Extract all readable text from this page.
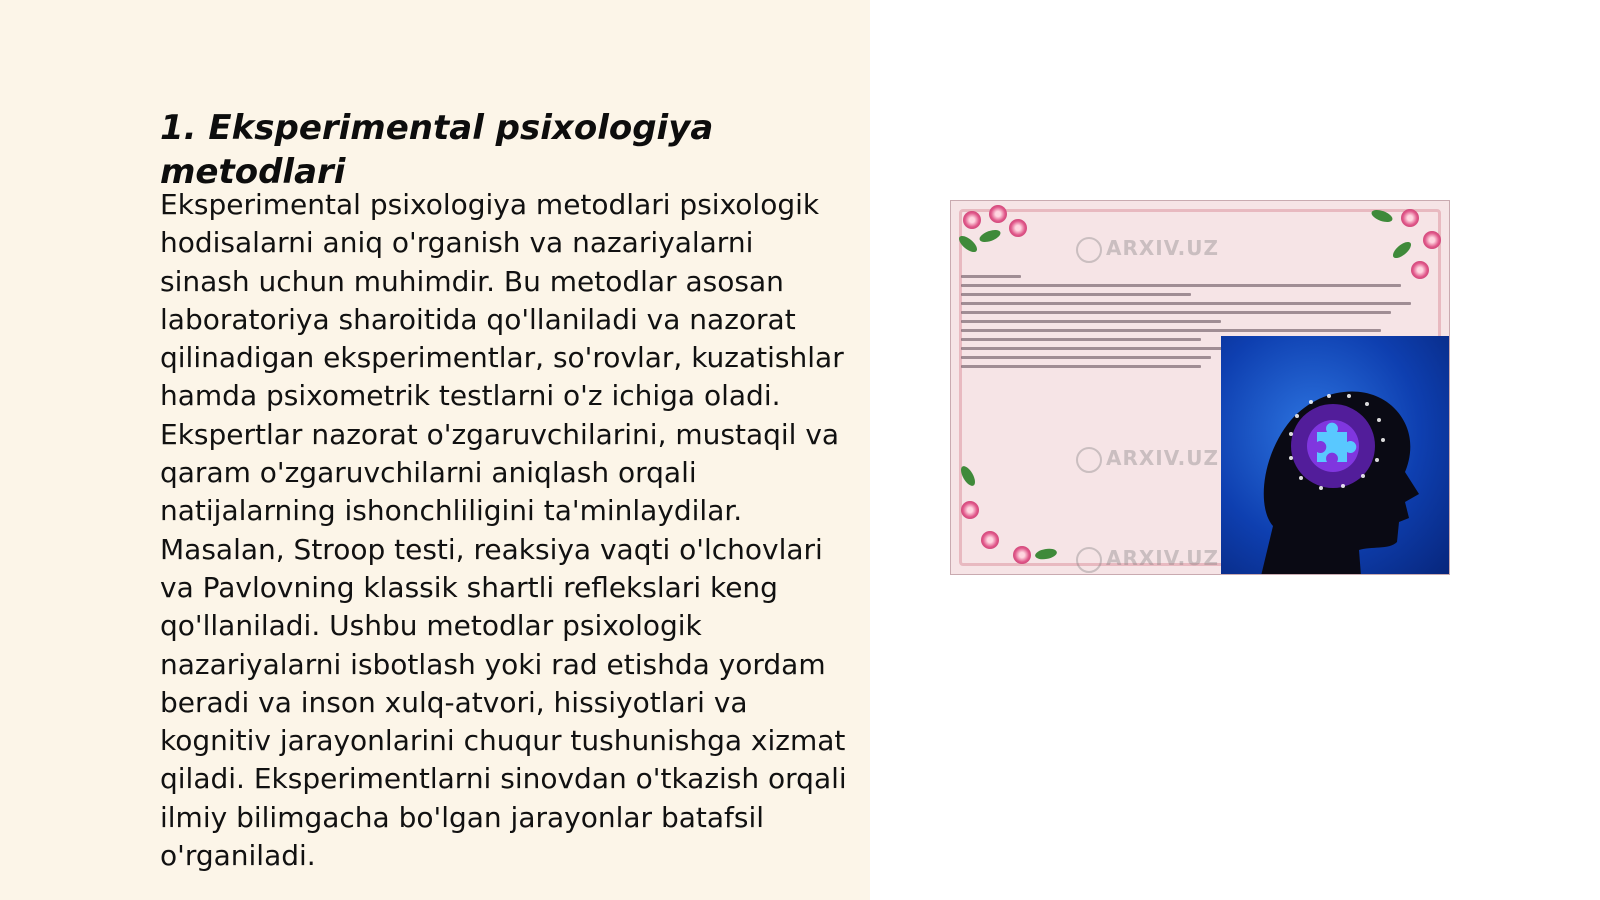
1. Eksperimental psixologiya metodlari

Eksperimental psixologiya metodlari psixologik hodisalarni aniq o'rganish va nazariyalarni sinash uchun muhimdir. Bu metodlar asosan laboratoriya sharoitida qo'llaniladi va nazorat qilinadigan eksperimentlar, so'rovlar, kuzatishlar hamda psixometrik testlarni o'z ichiga oladi. Ekspertlar nazorat o'zgaruvchilarini, mustaqil va qaram o'zgaruvchilarni aniqlash orqali natijalarning ishonchliligini ta'minlaydilar. Masalan, Stroop testi, reaksiya vaqti o'lchovlari va Pavlovning klassik shartli reflekslari keng qo'llaniladi. Ushbu metodlar psixologik nazariyalarni isbotlash yoki rad etishda yordam beradi va inson xulq-atvori, hissiyotlari va kognitiv jarayonlarini chuqur tushunishga xizmat qiladi. Eksperimentlarni sinovdan o'tkazish orqali ilmiy bilimgacha bo'lgan jarayonlar batafsil o'rganiladi.

ARXIV.UZ
ARXIV.UZ
ARXIV.UZ
